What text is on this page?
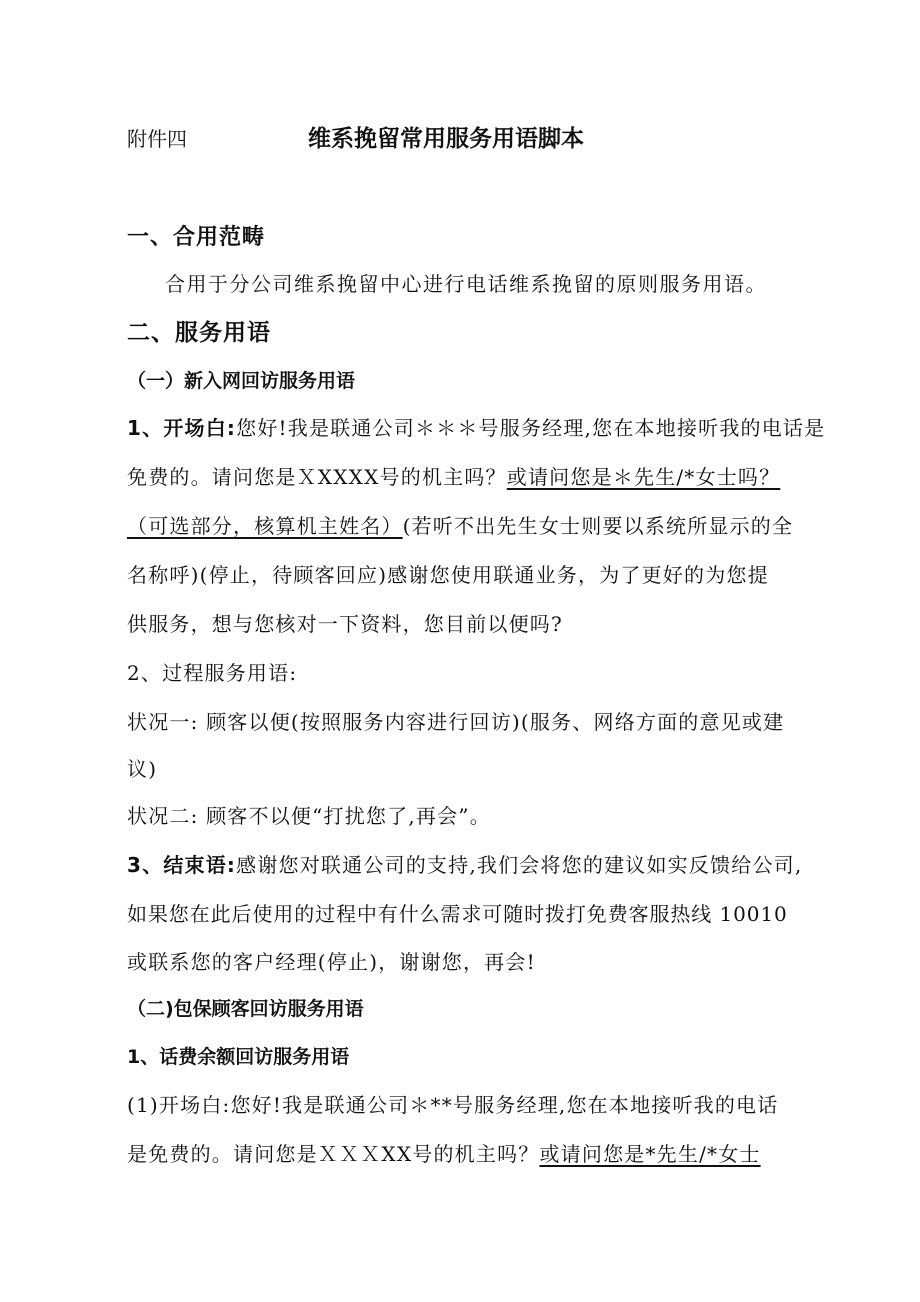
附件四	维系挽留常用服务用语脚本
一、合用范畴
合用于分公司维系挽留中心进行电话维系挽留的原则服务用语。
二、服务用语
（一）新入网回访服务用语
1、开场白:您好!我是联通公司＊＊＊号服务经理,您在本地接听我的电话是
免费的。请问您是ＸXXXX号的机主吗？或请问您是＊先生/*女士吗？
（可选部分，核算机主姓名）(若听不出先生女士则要以系统所显示的全
名称呼)(停止，待顾客回应)感谢您使用联通业务，为了更好的为您提
供服务，想与您核对一下资料，您目前以便吗?
2、过程服务用语:
状况一: 顾客以便(按照服务内容进行回访)(服务、网络方面的意见或建
议)
状况二: 顾客不以便“打扰您了,再会”。
3、结束语:感谢您对联通公司的支持,我们会将您的建议如实反馈给公司,
如果您在此后使用的过程中有什么需求可随时拨打免费客服热线 10010
或联系您的客户经理(停止)，谢谢您，再会!
（二)包保顾客回访服务用语
1、话费余额回访服务用语
(1)开场白:您好!我是联通公司＊**号服务经理,您在本地接听我的电话
是免费的。请问您是ＸＸＸXX号的机主吗？或请问您是*先生/*女士
